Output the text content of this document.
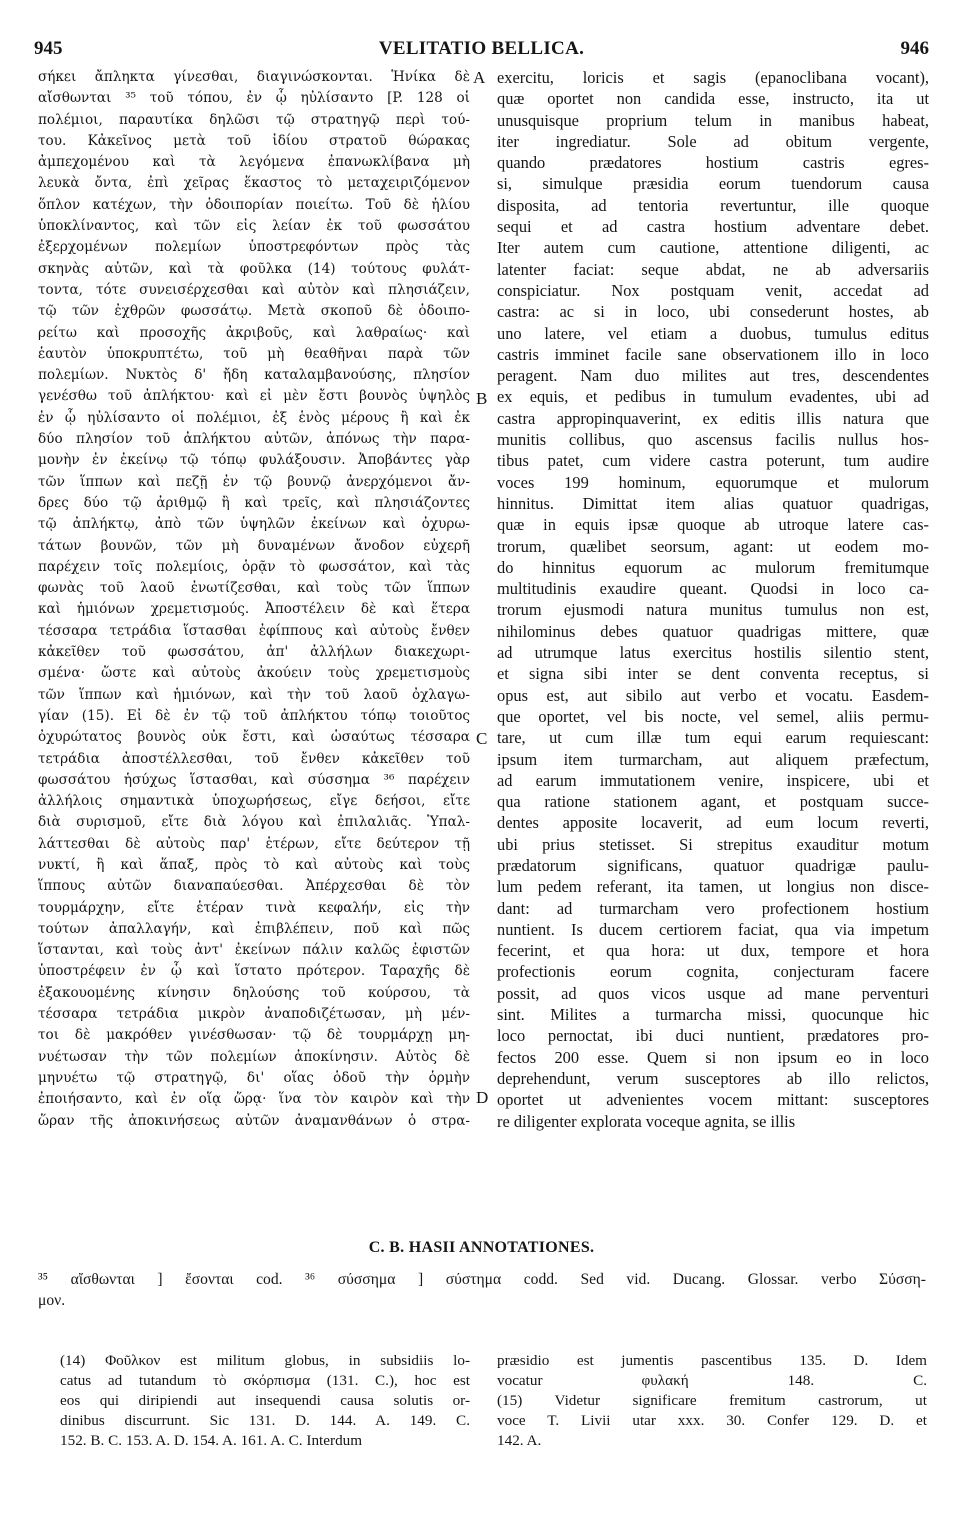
945	VELITATIO BELLICA.	946
σήκει ἄπληκτα γίνεσθαι, διαγινώσκονται. Ἡνίκα δὲ
αἴσθωνται ³⁵ τοῦ τόπου, ἐν ᾧ ηὐλίσαντο [P. 128 οἱ
πολέμιοι, παραυτίκα δηλῶσι τῷ στρατηγῷ περὶ τού-
του. Κἀκεῖνος μετὰ τοῦ ἰδίου στρατοῦ θώρακας
ἀμπεχομένου καὶ τὰ λεγόμενα ἐπανωκλίβανα μὴ
λευκὰ ὄντα, ἐπὶ χεῖρας ἕκαστος τὸ μεταχειριζόμενον
ὅπλον κατέχων, τὴν ὁδοιπορίαν ποιείτω. Τοῦ δὲ ἡλίου
ὑποκλίναντος, καὶ τῶν εἰς λείαν ἐκ τοῦ φωσσάτου
ἐξερχομένων πολεμίων ὑποστρεφόντων πρὸς τὰς
σκηνὰς αὐτῶν, καὶ τὰ φοῦλκα (14) τούτους φυλάτ-
τοντα, τότε συνεισέρχεσθαι καὶ αὐτὸν καὶ πλησιάζειν,
τῷ τῶν ἐχθρῶν φωσσάτῳ. Μετὰ σκοποῦ δὲ ὁδοιπο-
ρείτω καὶ προσοχῆς ἀκριβοῦς, καὶ λαθραίως· καὶ
ἑαυτὸν ὑποκρυπτέτω, τοῦ μὴ θεαθῆναι παρὰ τῶν
πολεμίων. Νυκτὸς δ' ἤδη καταλαμβανούσης, πλησίον
γενέσθω τοῦ ἀπλήκτου· καὶ εἰ μὲν ἔστι βουνὸς ὑψηλὸς
ἐν ᾧ ηὐλίσαντο οἱ πολέμιοι, ἐξ ἑνὸς μέρους ἢ καὶ ἐκ
δύο πλησίον τοῦ ἀπλήκτου αὐτῶν, ἀπόνως τὴν παρα-
μονὴν ἐν ἐκείνῳ τῷ τόπῳ φυλάξουσιν. Ἀποβάντες γὰρ
τῶν ἵππων καὶ πεζῇ ἐν τῷ βουνῷ ἀνερχόμενοι ἄν-
δρες δύο τῷ ἀριθμῷ ἢ καὶ τρεῖς, καὶ πλησιάζοντες
τῷ ἀπλήκτῳ, ἀπὸ τῶν ὑψηλῶν ἐκείνων καὶ ὀχυρω-
τάτων βουνῶν, τῶν μὴ δυναμένων ἄνοδον εὐχερῆ
παρέχειν τοῖς πολεμίοις, ὁρᾷν τὸ φωσσάτον, καὶ τὰς
φωνὰς τοῦ λαοῦ ἐνωτίζεσθαι, καὶ τοὺς τῶν ἵππων
καὶ ἡμιόνων χρεμετισμούς. Ἀποστέλειν δὲ καὶ ἕτερα
τέσσαρα τετράδια ἵστασθαι ἐφίππους καὶ αὐτοὺς ἔνθεν
κἀκεῖθεν τοῦ φωσσάτου, ἀπ' ἀλλήλων διακεχωρι-
σμένα· ὥστε καὶ αὐτοὺς ἀκούειν τοὺς χρεμετισμοὺς
τῶν ἵππων καὶ ἡμιόνων, καὶ τὴν τοῦ λαοῦ ὀχλαγω-
γίαν (15). Εἰ δὲ ἐν τῷ τοῦ ἀπλήκτου τόπῳ τοιοῦτος
ὀχυρώτατος βουνὸς οὐκ ἔστι, καὶ ὡσαύτως τέσσαρα
τετράδια ἀποστέλλεσθαι, τοῦ ἔνθεν κἀκεῖθεν τοῦ
φωσσάτου ἡσύχως ἵστασθαι, καὶ σύσσημα ³⁶ παρέχειν
ἀλλήλοις σημαντικὰ ὑποχωρήσεως, εἴγε δεήσοι, εἴτε
διὰ συρισμοῦ, εἴτε διὰ λόγου καὶ ἐπιλαλιᾶς. Ὑπαλ-
λάττεσθαι δὲ αὐτοὺς παρ' ἑτέρων, εἴτε δεύτερον τῇ
νυκτί, ἢ καὶ ἅπαξ, πρὸς τὸ καὶ αὐτοὺς καὶ τοὺς
ἵππους αὐτῶν διαναπαύεσθαι. Ἀπέρχεσθαι δὲ τὸν
τουρμάρχην, εἴτε ἑτέραν τινὰ κεφαλήν, εἰς τὴν
τούτων ἀπαλλαγήν, καὶ ἐπιβλέπειν, ποῦ καὶ πῶς
ἵστανται, καὶ τοὺς ἀντ' ἐκείνων πάλιν καλῶς ἐφιστῶν
ὑποστρέφειν ἐν ᾧ καὶ ἵστατο πρότερον. Ταραχῆς δὲ
ἐξακουομένης κίνησιν δηλούσης τοῦ κούρσου, τὰ
τέσσαρα τετράδια μικρὸν ἀναποδιζέτωσαν, μὴ μέν-
τοι δὲ μακρόθεν γινέσθωσαν· τῷ δὲ τουρμάρχῃ μη-
νυέτωσαν τὴν τῶν πολεμίων ἀποκίνησιν. Αὐτὸς δὲ
μηνυέτω τῷ στρατηγῷ, δι' οἵας ὁδοῦ τὴν ὁρμὴν
ἐποιήσαντο, καὶ ἐν οἵᾳ ὥρᾳ· ἵνα τὸν καιρὸν καὶ τὴν
ὥραν τῆς ἀποκινήσεως αὐτῶν ἀναμανθάνων ὁ στρα-
exercitu, loricis et sagis (epanoclibana vocant),
quæ oportet non candida esse, instructo, ita ut
unusquisque proprium telum in manibus habeat,
iter ingrediatur. Sole ad obitum vergente,
quando prædatores hostium castris egres-
si, simulque præsidia eorum tuendorum causa
disposita, ad tentoria revertuntur, ille quoque
sequi et ad castra hostium adventare debet.
Iter autem cum cautione, attentione diligenti, ac
latenter faciat: seque abdat, ne ab adversariis
conspiciatur. Nox postquam venit, accedat ad
castra: ac si in loco, ubi consederunt hostes, ab
uno latere, vel etiam a duobus, tumulus editus
castris imminet facile sane observationem illo in loco
peragent. Nam duo milites aut tres, descendentes
ex equis, et pedibus in tumulum evadentes, ubi ad
castra appropinquaverint, ex editis illis natura que
munitis collibus, quo ascensus facilis nullus hos-
tibus patet, cum videre castra poterunt, tum audire
voces 199 hominum, equorumque et mulorum
hinnitus. Dimittat item alias quatuor quadrigas,
quæ in equis ipsæ quoque ab utroque latere cas-
trorum, quælibet seorsum, agant: ut eodem mo-
do hinnitus equorum ac mulorum fremitumque
multitudinis exaudire queant. Quodsi in loco ca-
trorum ejusmodi natura munitus tumulus non est,
nihilominus debes quatuor quadrigas mittere, quæ
ad utrumque latus exercitus hostilis silentio stent,
et signa sibi inter se dent conventa receptus, si
opus est, aut sibilo aut verbo et vocatu. Easdem-
que oportet, vel bis nocte, vel semel, aliis permu-
tare, ut cum illæ tum equi earum requiescant:
ipsum item turmarcham, aut aliquem præfectum,
ad earum immutationem venire, inspicere, ubi et
qua ratione stationem agant, et postquam succe-
dentes apposite locaverit, ad eum locum reverti,
ubi prius stetisset. Si strepitus exauditur motum
prædatorum significans, quatuor quadrigæ paulu-
lum pedem referant, ita tamen, ut longius non disce-
dant: ad turmarcham vero profectionem hostium
nuntient. Is ducem certiorem faciat, qua via impetum
fecerint, et qua hora: ut dux, tempore et hora
profectionis eorum cognita, conjecturam facere
possit, ad quos vicos usque ad mane perventuri
sint. Milites a turmarcha missi, quocunque hic
loco pernoctat, ibi duci nuntient, prædatores pro-
fectos 200 esse. Quem si non ipsum eo in loco
deprehendunt, verum susceptores ab illo relictos,
oportet ut advenientes vocem mittant: susceptores
re diligenter explorata voceque agnita, se illis
A
B
C
D
C. B. HASII ANNOTATIONES.
³⁵ αἴσθωνται ] ἔσονται cod. ³⁶ σύσσημα ] σύστημα codd. Sed vid. Ducang. Glossar. verbo Σύσση-
μον.
(14) Φοῦλκον est militum globus, in subsidiis lo-
catus ad tutandum τὸ σκόρπισμα (131. C.), hoc est
eos qui diripiendi aut insequendi causa solutis or-
dinibus discurrunt. Sic 131. D. 144. A. 149. C.
152. B. C. 153. A. D. 154. A. 161. A. C. Interdum
præsidio est jumentis pascentibus 135. D. Idem
vocatur φυλακή 148. C.
(15) Videtur significare fremitum castrorum, ut
voce T. Livii utar xxx. 30. Confer 129. D. et
142. A.
